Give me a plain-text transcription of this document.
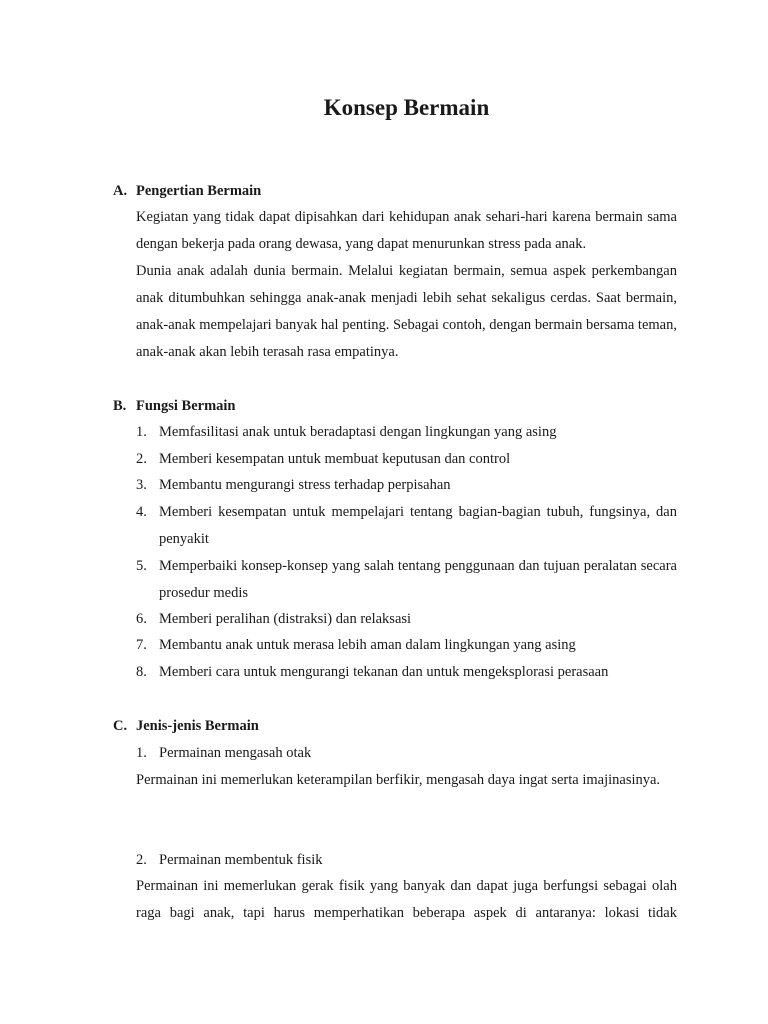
Konsep Bermain
A. Pengertian Bermain

Kegiatan yang tidak dapat dipisahkan dari kehidupan anak sehari-hari karena bermain sama dengan bekerja pada orang dewasa, yang dapat menurunkan stress pada anak.

Dunia anak adalah dunia bermain. Melalui kegiatan bermain, semua aspek perkembangan anak ditumbuhkan sehingga anak-anak menjadi lebih sehat sekaligus cerdas. Saat bermain, anak-anak mempelajari banyak hal penting. Sebagai contoh, dengan bermain bersama teman, anak-anak akan lebih terasah rasa empatinya.

B. Fungsi Bermain
1. Memfasilitasi anak untuk beradaptasi dengan lingkungan yang asing
2. Memberi kesempatan untuk membuat keputusan dan control
3. Membantu mengurangi stress terhadap perpisahan
4. Memberi kesempatan untuk mempelajari tentang bagian-bagian tubuh, fungsinya, dan penyakit
5. Memperbaiki konsep-konsep yang salah tentang penggunaan dan tujuan peralatan secara prosedur medis
6. Memberi peralihan (distraksi) dan relaksasi
7. Membantu anak untuk merasa lebih aman dalam lingkungan yang asing
8. Memberi cara untuk mengurangi tekanan dan untuk mengeksplorasi perasaan
C. Jenis-jenis Bermain
1. Permainan mengasah otak

Permainan ini memerlukan keterampilan berfikir, mengasah daya ingat serta imajinasinya.

2. Permainan membentuk fisik

Permainan ini memerlukan gerak fisik yang banyak dan dapat juga berfungsi sebagai olah raga bagi anak, tapi harus memperhatikan beberapa aspek di antaranya: lokasi tidak
